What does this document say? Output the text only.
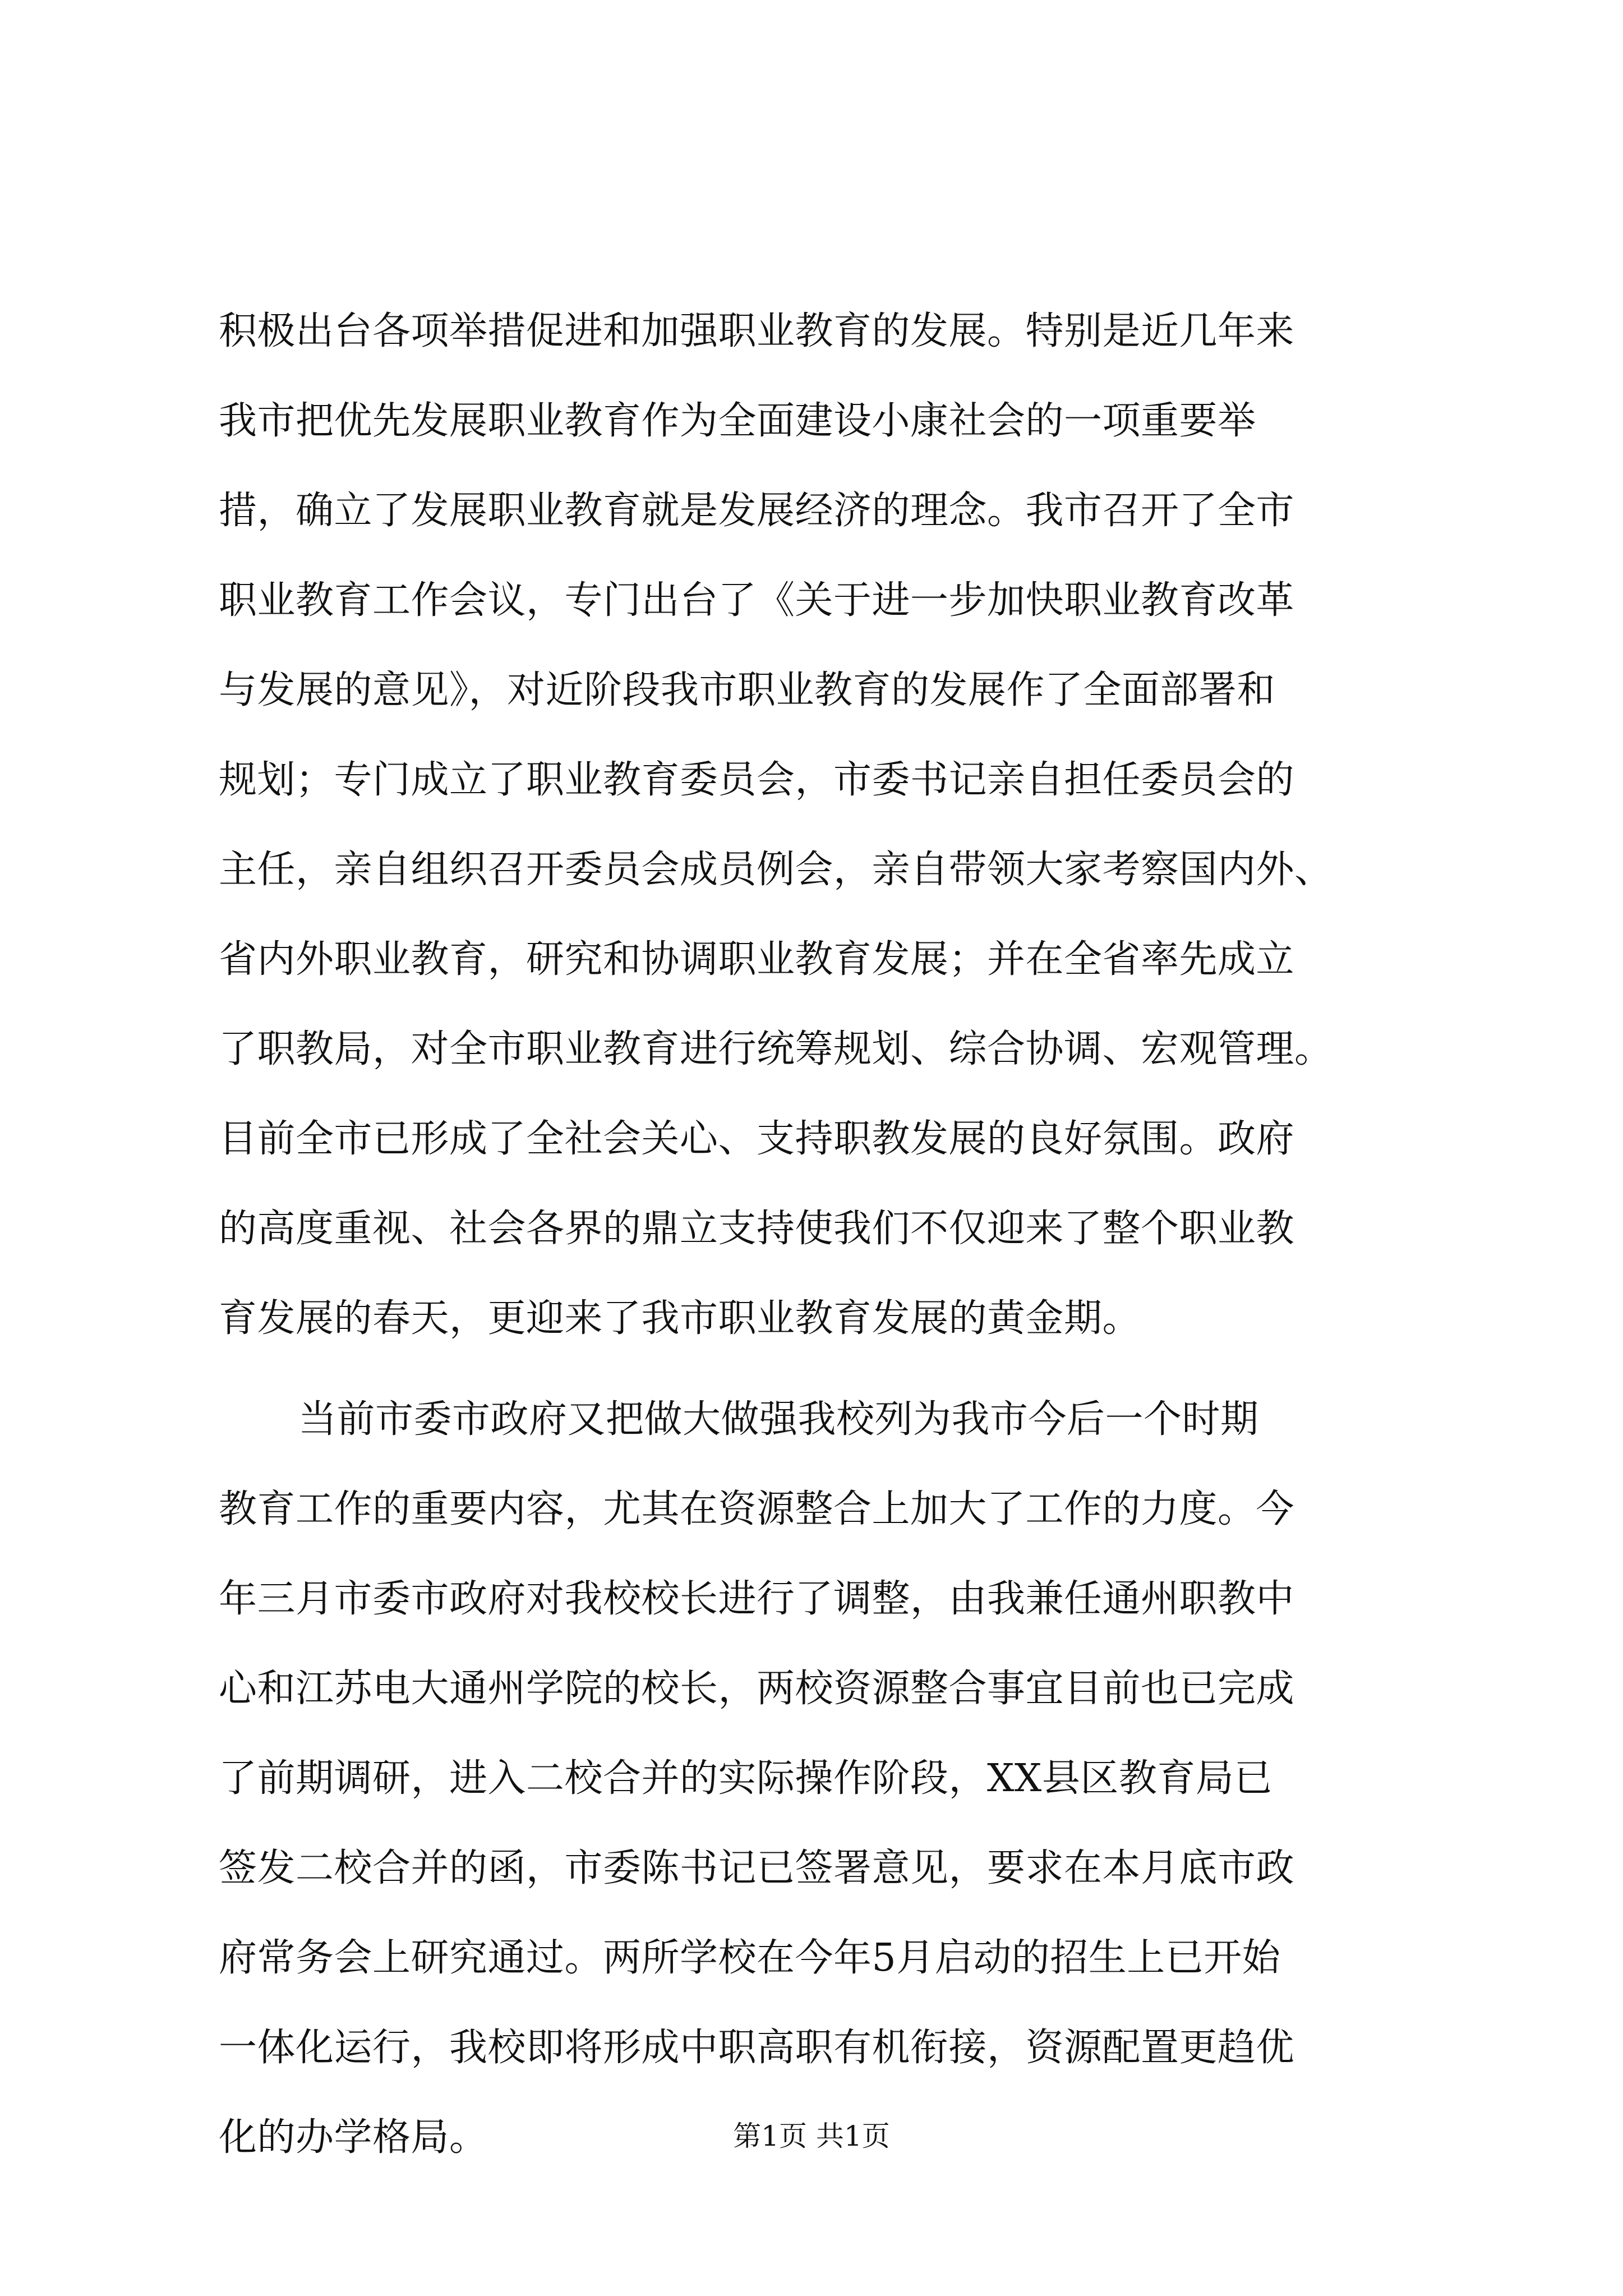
积极出台各项举措促进和加强职业教育的发展。特别是近几年来
我市把优先发展职业教育作为全面建设小康社会的一项重要举
措，确立了发展职业教育就是发展经济的理念。我市召开了全市
职业教育工作会议，专门出台了《关于进一步加快职业教育改革
与发展的意见》，对近阶段我市职业教育的发展作了全面部署和
规划；专门成立了职业教育委员会，市委书记亲自担任委员会的
主任，亲自组织召开委员会成员例会，亲自带领大家考察国内外、
省内外职业教育，研究和协调职业教育发展；并在全省率先成立
了职教局，对全市职业教育进行统筹规划、综合协调、宏观管理。
目前全市已形成了全社会关心、支持职教发展的良好氛围。政府
的高度重视、社会各界的鼎立支持使我们不仅迎来了整个职业教
育发展的春天，更迎来了我市职业教育发展的黄金期。
当前市委市政府又把做大做强我校列为我市今后一个时期
教育工作的重要内容，尤其在资源整合上加大了工作的力度。今
年三月市委市政府对我校校长进行了调整，由我兼任通州职教中
心和江苏电大通州学院的校长，两校资源整合事宜目前也已完成
了前期调研，进入二校合并的实际操作阶段，XX县区教育局已
签发二校合并的函，市委陈书记已签署意见，要求在本月底市政
府常务会上研究通过。两所学校在今年5月启动的招生上已开始
一体化运行，我校即将形成中职高职有机衔接，资源配置更趋优
化的办学格局。	第1页 共1页
